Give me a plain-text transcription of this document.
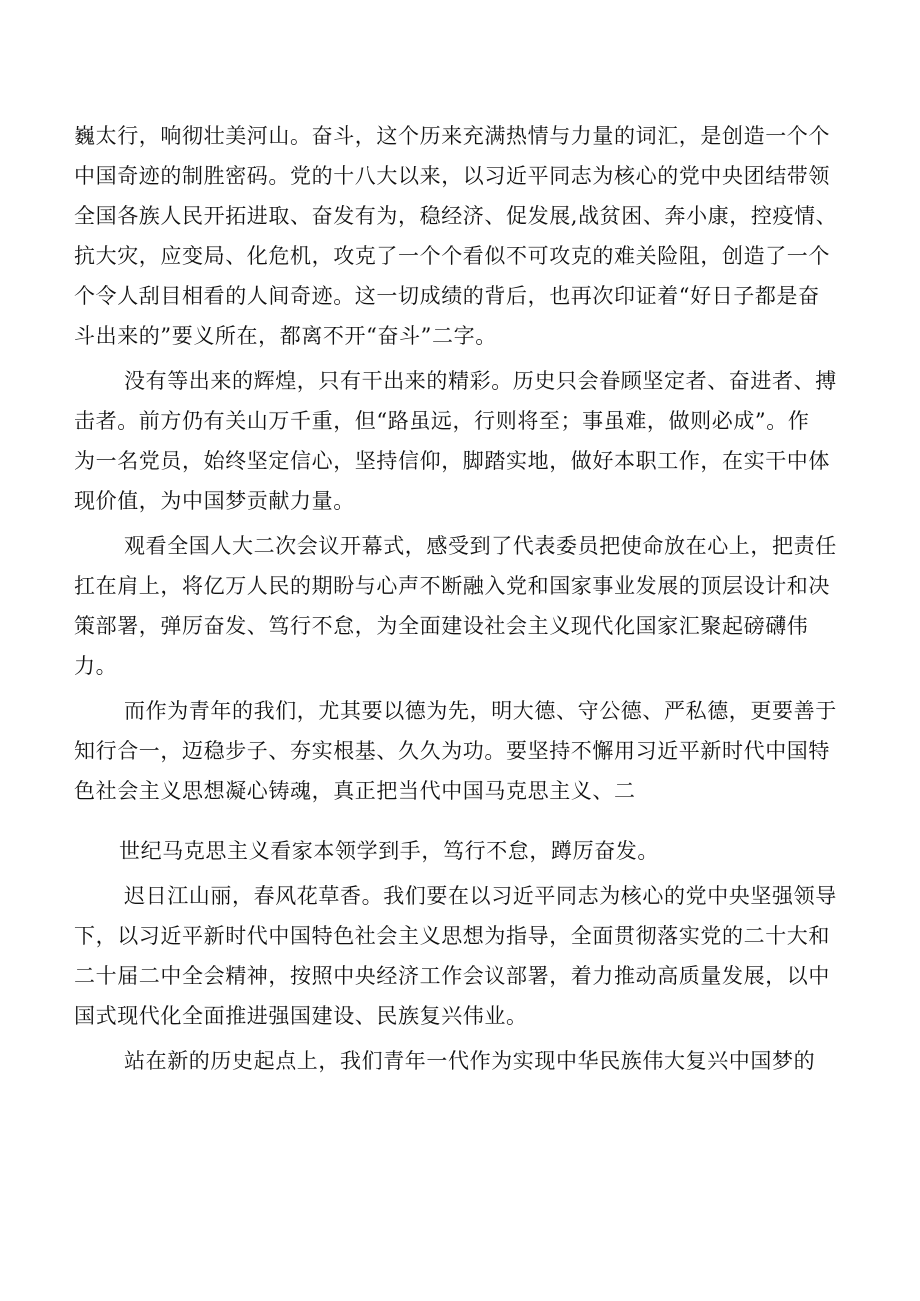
巍太行，响彻壮美河山。奋斗，这个历来充满热情与力量的词汇，是创造一个个

中国奇迹的制胜密码。党的十八大以来，以习近平同志为核心的党中央团结带领

全国各族人民开拓进取、奋发有为，稳经济、促发展,战贫困、奔小康，控疫情、

抗大灾，应变局、化危机，攻克了一个个看似不可攻克的难关险阻，创造了一个

个令人刮目相看的人间奇迹。这一切成绩的背后，也再次印证着“好日子都是奋

斗出来的”要义所在，都离不开“奋斗”二字。

没有等出来的辉煌，只有干出来的精彩。历史只会眷顾坚定者、奋进者、搏

击者。前方仍有关山万千重，但“路虽远，行则将至；事虽难，做则必成”。作

为一名党员，始终坚定信心，坚持信仰，脚踏实地，做好本职工作，在实干中体

现价值，为中国梦贡献力量。

观看全国人大二次会议开幕式，感受到了代表委员把使命放在心上，把责任

扛在肩上，将亿万人民的期盼与心声不断融入党和国家事业发展的顶层设计和决

策部署，弹厉奋发、笃行不怠，为全面建设社会主义现代化国家汇聚起磅礴伟

力。

而作为青年的我们，尤其要以德为先，明大德、守公德、严私德，更要善于

知行合一，迈稳步子、夯实根基、久久为功。要坚持不懈用习近平新时代中国特

色社会主义思想凝心铸魂，真正把当代中国马克思主义、二

世纪马克思主义看家本领学到手，笃行不怠，蹲厉奋发。

迟日江山丽，春风花草香。我们要在以习近平同志为核心的党中央坚强领导

下，以习近平新时代中国特色社会主义思想为指导，全面贯彻落实党的二十大和

二十届二中全会精神，按照中央经济工作会议部署，着力推动高质量发展，以中

国式现代化全面推进强国建设、民族复兴伟业。

站在新的历史起点上，我们青年一代作为实现中华民族伟大复兴中国梦的
